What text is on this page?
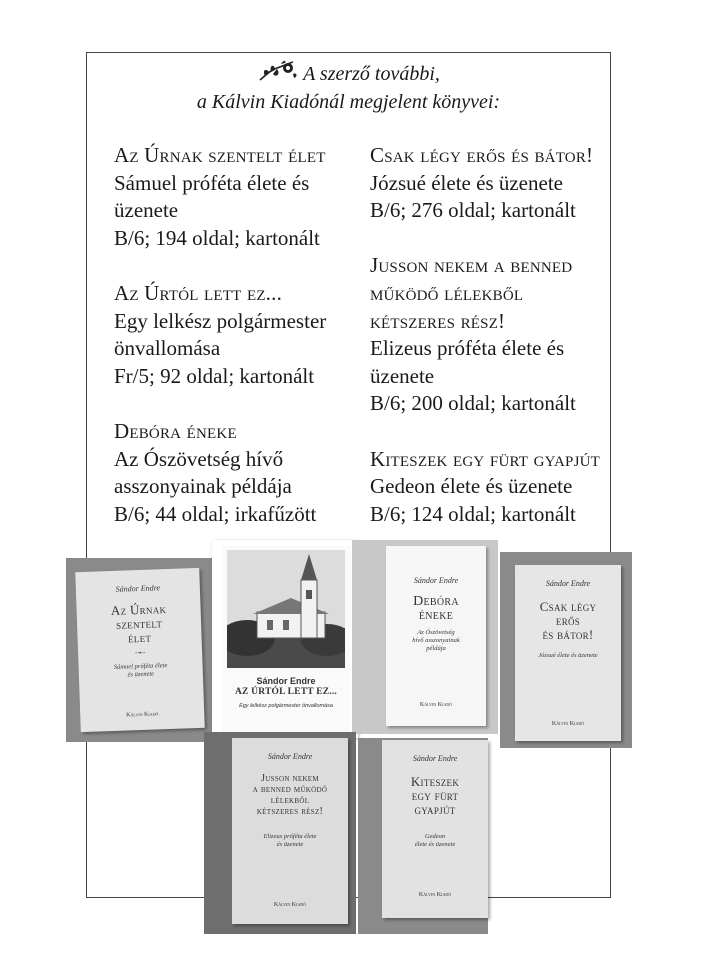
A szerző további,
a Kálvin Kiadónál megjelent könyvei:
Az Úrnak szentelt élet
Sámuel próféta élete és
üzenete
B/6; 194 oldal; kartonált
Az Úrtól lett ez...
Egy lelkész polgármester
önvallomása
Fr/5; 92 oldal; kartonált
Debóra éneke
Az Ószövetség hívő
asszonyainak példája
B/6; 44 oldal; irkafűzött
Csak légy erős és bátor!
Józsué élete és üzenete
B/6; 276 oldal; kartonált
Jusson nekem a benned
működő lélekből
kétszeres rész!
Elizeus próféta élete és
üzenete
B/6; 200 oldal; kartonált
Kiteszek egy fürt gyapjút
Gedeon élete és üzenete
B/6; 124 oldal; kartonált
Sándor Endre
Az Úrnak
szentelt
élet
~•~
Sámuel próféta élete
és üzenete
Kálvin Kiadó
Sándor Endre
AZ ÚRTÓL LETT EZ...
Egy lelkész polgármester önvallomása
Sándor Endre
Debóra
éneke
Az Ószövetség
hívő asszonyainak
példája
Kálvin Kiadó
Sándor Endre
Csak légy
erős
és bátor!
Józsué élete és üzenete
Kálvin Kiadó
Sándor Endre
Jusson nekem
a benned működő
lélekből
kétszeres rész!
Elizeus próféta élete
és üzenete
Kálvin Kiadó
Sándor Endre
Kiteszek
egy fürt
gyapjút
Gedeon
élete és üzenete
Kálvin Kiadó
